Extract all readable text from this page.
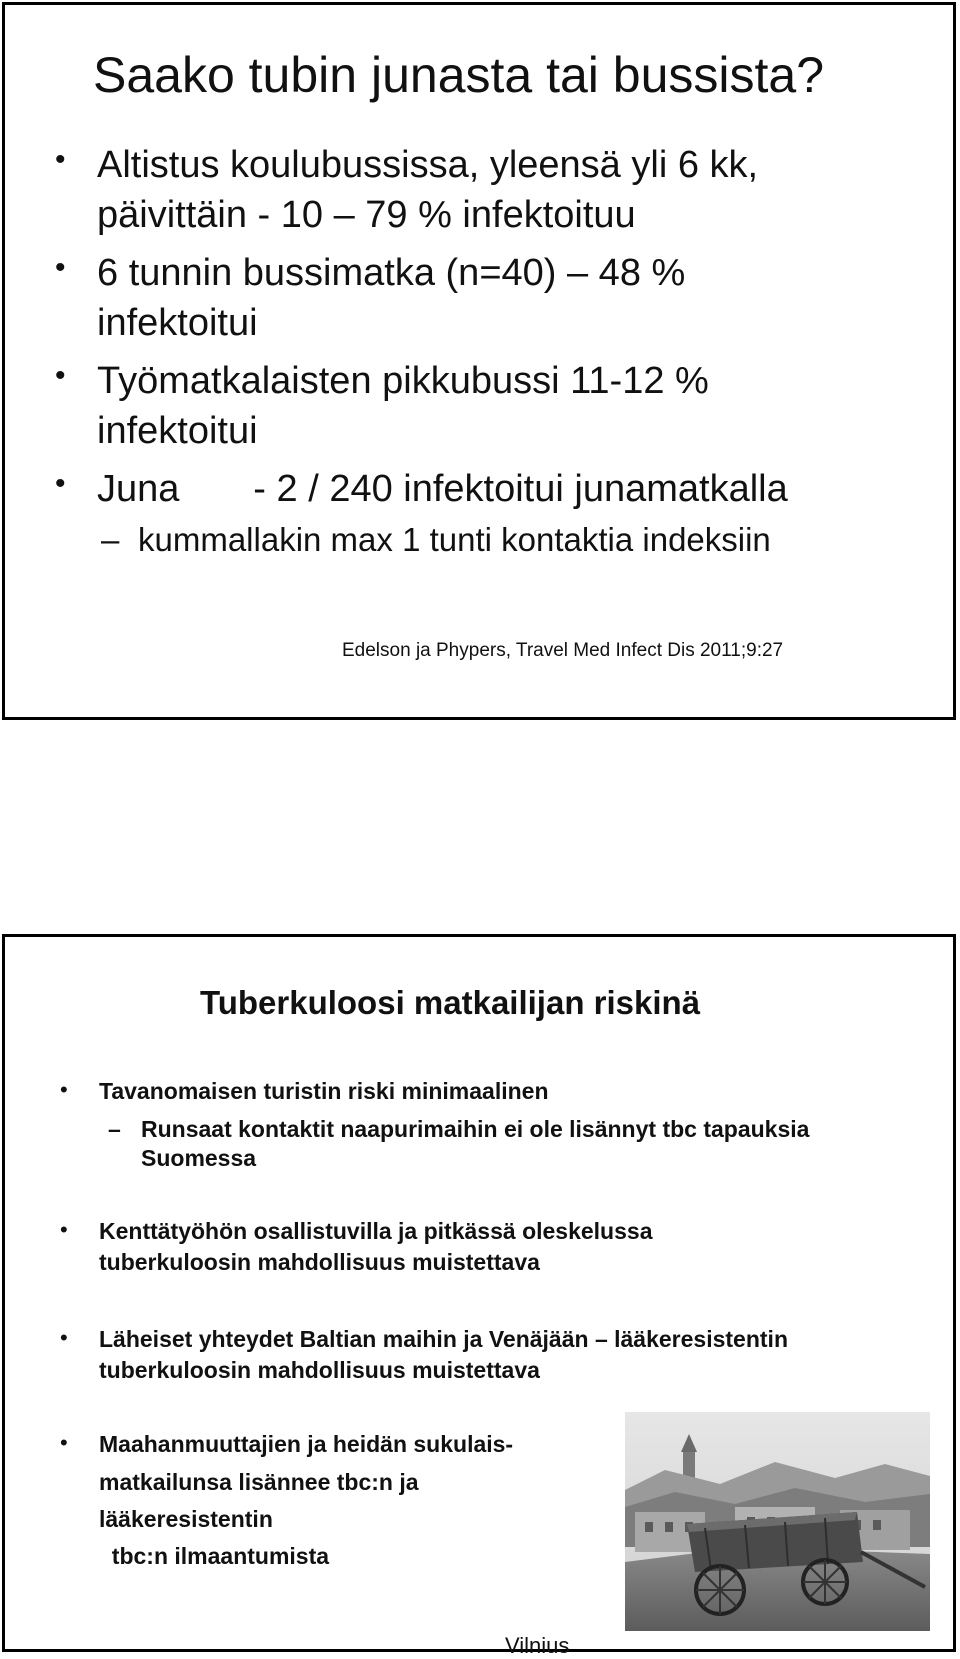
Saako tubin junasta tai bussista?
• Altistus koulubussissa, yleensä yli 6 kk,
päivittäin - 10 – 79 % infektoituu
• 6 tunnin bussimatka (n=40) – 48 %
infektoitui
• Työmatkalaisten pikkubussi 11-12 %
infektoitui
• Juna       - 2 / 240 infektoitui junamatkalla
– kummallakin max 1 tunti kontaktia indeksiin
Edelson ja Phypers, Travel Med Infect Dis 2011;9:27
Tuberkuloosi matkailijan riskinä
• Tavanomaisen turistin riski minimaalinen
– Runsaat kontaktit naapurimaihin ei ole lisännyt tbc tapauksia
Suomessa
• Kenttätyöhön osallistuvilla ja pitkässä oleskelussa
tuberkuloosin mahdollisuus muistettava
• Läheiset yhteydet Baltian maihin ja Venäjään – lääkeresistentin
tuberkuloosin mahdollisuus muistettava
• Maahanmuuttajien ja heidän sukulais-
matkailunsa lisännee tbc:n ja
lääkeresistentin
tbc:n ilmaantumista
Vilnius
